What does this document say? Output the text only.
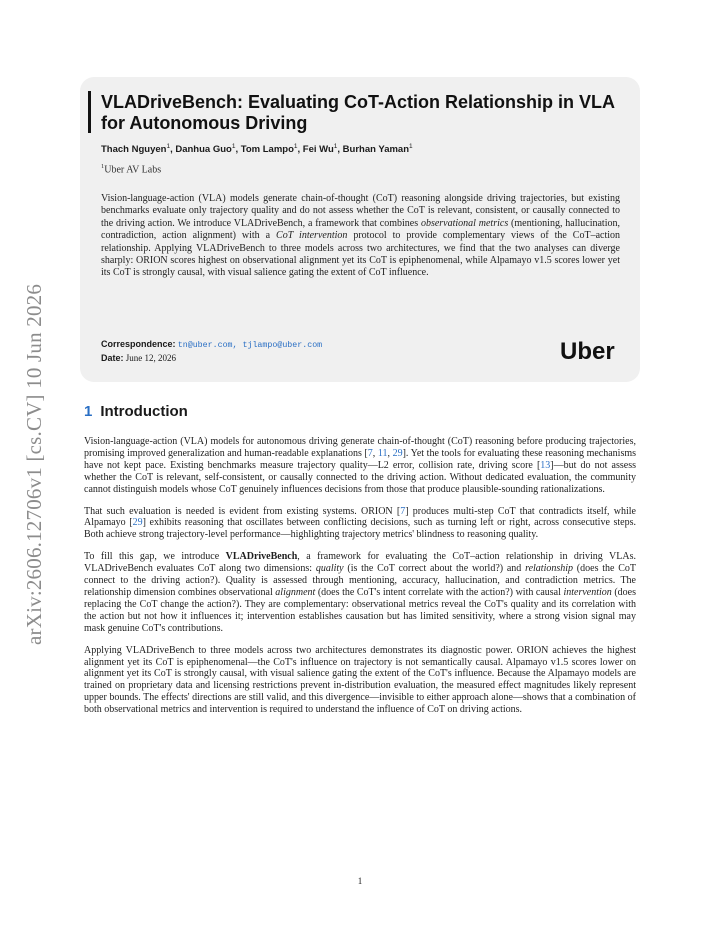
arXiv:2606.12706v1 [cs.CV] 10 Jun 2026
VLADriveBench: Evaluating CoT-Action Relationship in VLA for Autonomous Driving

Thach Nguyen$^1$, Danhua Guo$^1$, Tom Lampo$^1$, Fei Wu$^1$, Burhan Yaman$^1$

$^1$Uber AV Labs

Vision-language-action (VLA) models generate chain-of-thought (CoT) reasoning alongside driving trajectories, but existing benchmarks evaluate only trajectory quality and do not assess whether the CoT is relevant, consistent, or causally connected to the driving action. We introduce VLADriveBench, a framework that combines observational metrics (mentioning, hallucination, contradiction, action alignment) with a CoT intervention protocol to provide complementary views of the CoT–action relationship. Applying VLADriveBench to three models across two architectures, we find that the two analyses can diverge sharply: ORION scores highest on observational alignment yet its CoT is epiphenomenal, while Alpamayo v1.5 scores lower yet its CoT is strongly causal, with visual salience gating the extent of CoT influence.

Correspondence: tn@uber.com, tjlampo@uber.com
Date: June 12, 2026	Uber
1 Introduction

Vision-language-action (VLA) models for autonomous driving generate chain-of-thought (CoT) reasoning before producing trajectories, promising improved generalization and human-readable explanations [7, 11, 29]. Yet the tools for evaluating these reasoning mechanisms have not kept pace. Existing benchmarks measure trajectory quality—L2 error, collision rate, driving score [13]—but do not assess whether the CoT is relevant, self-consistent, or causally connected to the driving action. Without dedicated evaluation, the community cannot distinguish models whose CoT genuinely influences decisions from those that produce plausible-sounding rationalizations.

That such evaluation is needed is evident from existing systems. ORION [7] produces multi-step CoT that contradicts itself, while Alpamayo [29] exhibits reasoning that oscillates between conflicting decisions, such as turning left or right, across consecutive steps. Both achieve strong trajectory-level performance—highlighting trajectory metrics' blindness to reasoning quality.

To fill this gap, we introduce VLADriveBench, a framework for evaluating the CoT–action relationship in driving VLAs. VLADriveBench evaluates CoT along two dimensions: quality (is the CoT correct about the world?) and relationship (does the CoT connect to the driving action?). Quality is assessed through mentioning, accuracy, hallucination, and contradiction metrics. The relationship dimension combines observational alignment (does the CoT's intent correlate with the action?) with causal intervention (does replacing the CoT change the action?). They are complementary: observational metrics reveal the CoT's quality and its correlation with the action but not how it influences it; intervention establishes causation but has limited sensitivity, where a strong vision signal may mask genuine CoT's contributions.

Applying VLADriveBench to three models across two architectures demonstrates its diagnostic power. ORION achieves the highest alignment yet its CoT is epiphenomenal—the CoT's influence on trajectory is not semantically causal. Alpamayo v1.5 scores lower on alignment yet its CoT is strongly causal, with visual salience gating the extent of the CoT's influence. Because the Alpamayo models are trained on proprietary data and licensing restrictions prevent in-distribution evaluation, the measured effect magnitudes likely represent upper bounds. The effects' directions are still valid, and this divergence—invisible to either approach alone—shows that a combination of both observational metrics and intervention is required to understand the influence of CoT on driving actions.

1
